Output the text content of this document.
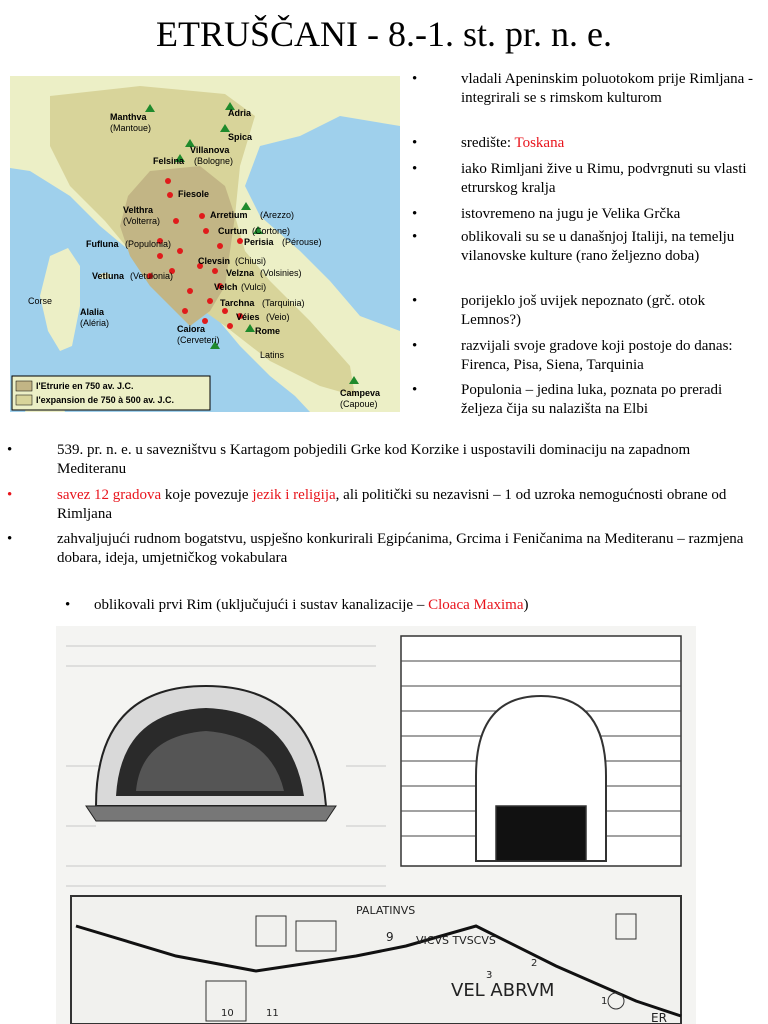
ETRUŠČANI - 8.-1. st. pr. n. e.
Manthva
(Mantoue)
Adria
Spica
Villanova
Felsina (Bologne)
Fiesole
Velthra
(Volterra)
Arretium (Arezzo)
Curtun (Cortone)
Fufluna (Populonia)	Perisia (Pérouse)
Clevsin (Chiusi)
Vetluna (Vetulonia)	Velzna (Volsinies)
Velch (Vulci)
Corse
Alalia
(Aléria)
Tarchna (Tarquinia)
Véies (Veio)
Caiora
(Cerveteri)
Rome
Latins
Campeva
(Capoue)
l'Etrurie en 750 av. J.C.
l'expansion de 750 à 500 av. J.C.
•	vladali Apeninskim poluotokom prije Rimljana - integrirali se s rimskom kulturom
•	središte: Toskana
•	iako Rimljani žive u Rimu, podvrgnuti su vlasti etrurskog kralja
•	istovremeno na jugu je Velika Grčka
•	oblikovali su se u današnjoj Italiji, na temelju vilanovske kulture (rano željezno doba)
•	porijeklo još uvijek nepoznato (grč. otok Lemnos?)
•	razvijali svoje gradove koji postoje do danas: Firenca, Pisa, Siena, Tarquinia
•	Populonia – jedina luka, poznata po preradi željeza čija su nalazišta na Elbi
•	539. pr. n. e. u savezništvu s Kartagom pobjedili Grke kod Korzike i uspostavili dominaciju na zapadnom Mediteranu
•	savez 12 gradova koje povezuje jezik i religija, ali politički su nezavisni – 1 od uzroka nemogućnosti obrane od Rimljana
•	zahvaljujući rudnom bogatstvu, uspješno konkurirali Egipćanima, Grcima i Feničanima na Mediteranu – razmjena dobara, ideja, umjetničkog vokabulara
• oblikovali prvi Rim (uključujući i sustav kanalizacije – Cloaca Maxima)
PALATINVS
VICVS TVSCVS
VEL ABRVM
9
2
3
10	11
1
ER
